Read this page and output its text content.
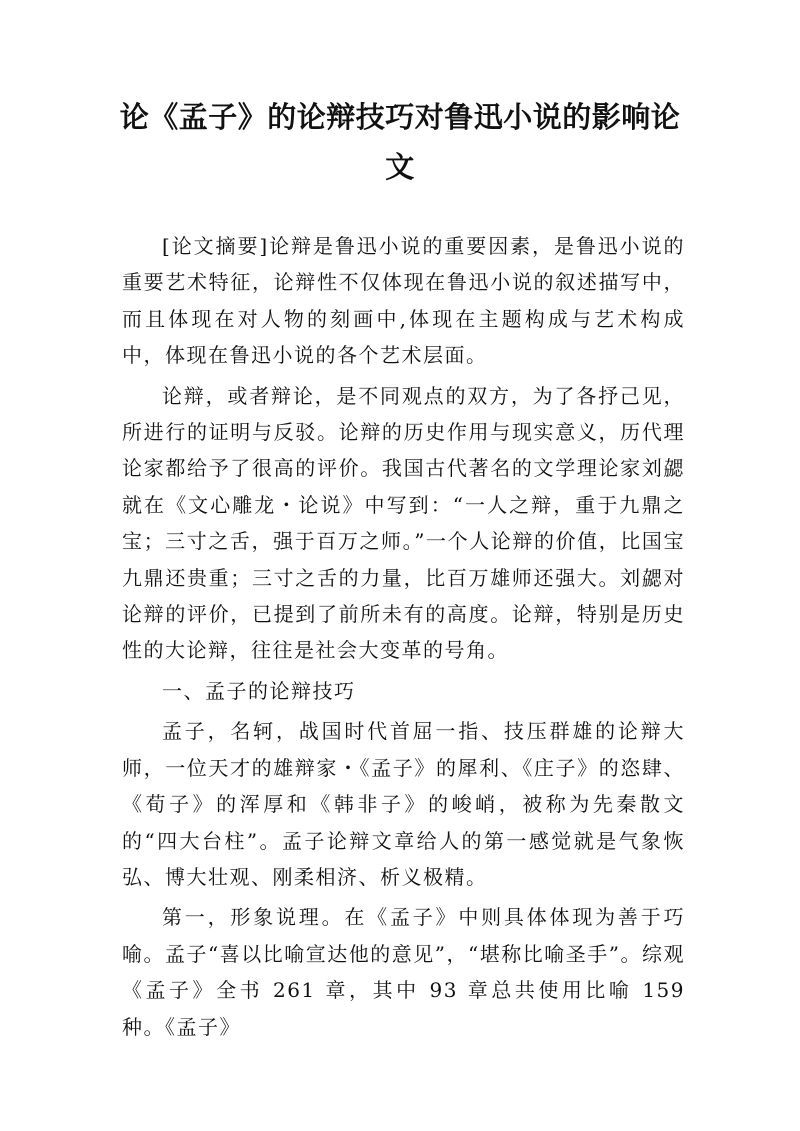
论《孟子》的论辩技巧对鲁迅小说的影响论文

[论文摘要]论辩是鲁迅小说的重要因素，是鲁迅小说的重要艺术特征，论辩性不仅体现在鲁迅小说的叙述描写中，而且体现在对人物的刻画中,体现在主题构成与艺术构成中，体现在鲁迅小说的各个艺术层面。

论辩，或者辩论，是不同观点的双方，为了各抒己见，所进行的证明与反驳。论辩的历史作用与现实意义，历代理论家都给予了很高的评价。我国古代著名的文学理论家刘勰就在《文心雕龙・论说》中写到：“一人之辩，重于九鼎之宝；三寸之舌，强于百万之师。”一个人论辩的价值，比国宝九鼎还贵重；三寸之舌的力量，比百万雄师还强大。刘勰对论辩的评价，已提到了前所未有的高度。论辩，特别是历史性的大论辩，往往是社会大变革的号角。

一、孟子的论辩技巧

孟子，名轲，战国时代首屈一指、技压群雄的论辩大师，一位天才的雄辩家・《孟子》的犀利、《庄子》的恣肆、《荀子》的浑厚和《韩非子》的峻峭，被称为先秦散文的“四大台柱”。孟子论辩文章给人的第一感觉就是气象恢弘、博大壮观、刚柔相济、析义极精。

第一，形象说理。在《孟子》中则具体体现为善于巧喻。孟子“喜以比喻宣达他的意见”，“堪称比喻圣手”。综观《孟子》全书 261 章，其中 93 章总共使用比喻 159 种。《孟子》
